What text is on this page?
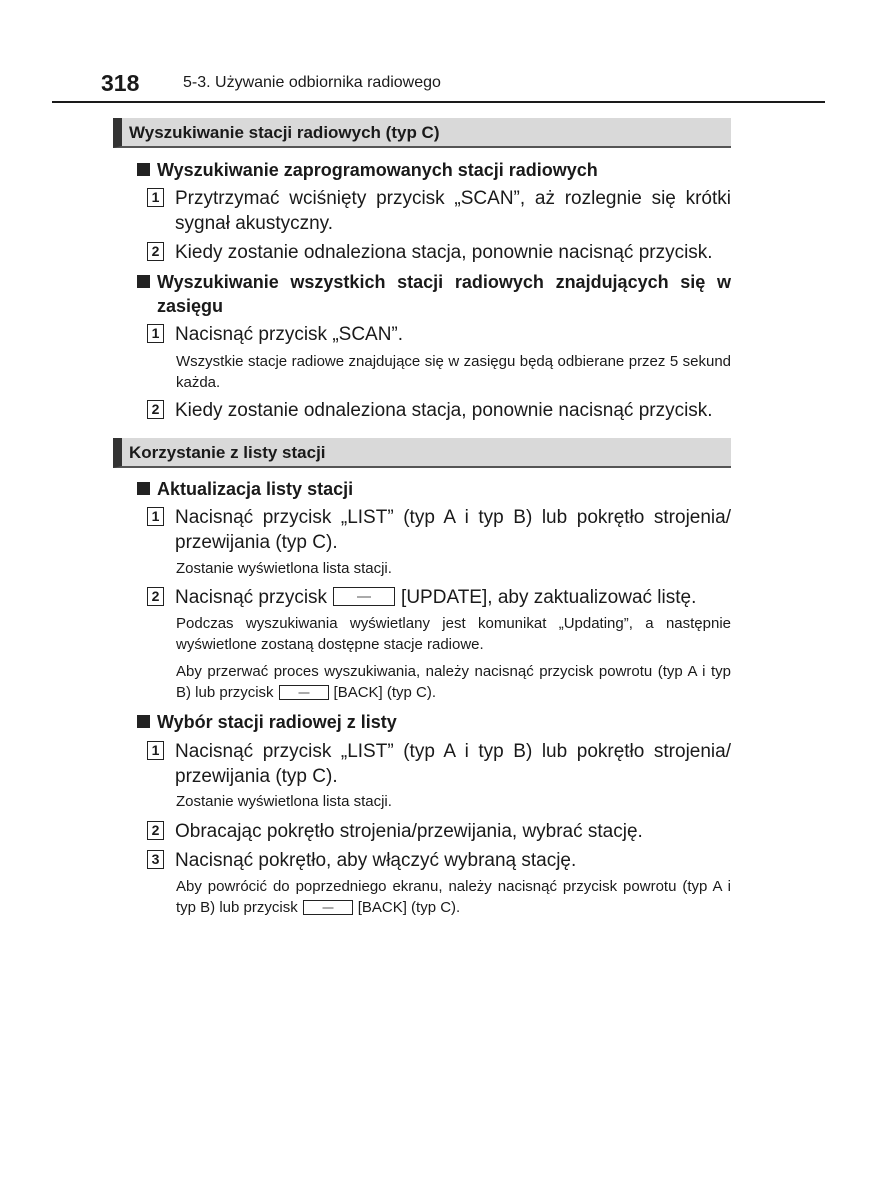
318	5-3. Używanie odbiornika radiowego
Wyszukiwanie stacji radiowych (typ C)
Wyszukiwanie zaprogramowanych stacji radiowych
1 Przytrzymać wciśnięty przycisk „SCAN”, aż rozlegnie się krótki sygnał akustyczny.
2 Kiedy zostanie odnaleziona stacja, ponownie nacisnąć przycisk.
Wyszukiwanie wszystkich stacji radiowych znajdujących się w zasięgu
1 Nacisnąć przycisk „SCAN”.
Wszystkie stacje radiowe znajdujące się w zasięgu będą odbierane przez 5 sekund każda.
2 Kiedy zostanie odnaleziona stacja, ponownie nacisnąć przycisk.
Korzystanie z listy stacji
Aktualizacja listy stacji
1 Nacisnąć przycisk „LIST” (typ A i typ B) lub pokrętło strojenia/ przewijania (typ C).
Zostanie wyświetlona lista stacji.
2 Nacisnąć przycisk	[UPDATE], aby zaktualizować listę.
Podczas wyszukiwania wyświetlany jest komunikat „Updating”, a następnie wyświetlone zostaną dostępne stacje radiowe.
Aby przerwać proces wyszukiwania, należy nacisnąć przycisk powrotu (typ A i typ B) lub przycisk	[BACK] (typ C).
Wybór stacji radiowej z listy
1 Nacisnąć przycisk „LIST” (typ A i typ B) lub pokrętło strojenia/ przewijania (typ C).
Zostanie wyświetlona lista stacji.
2 Obracając pokrętło strojenia/przewijania, wybrać stację.
3 Nacisnąć pokrętło, aby włączyć wybraną stację.
Aby powrócić do poprzedniego ekranu, należy nacisnąć przycisk powrotu (typ A i typ B) lub przycisk	[BACK] (typ C).
